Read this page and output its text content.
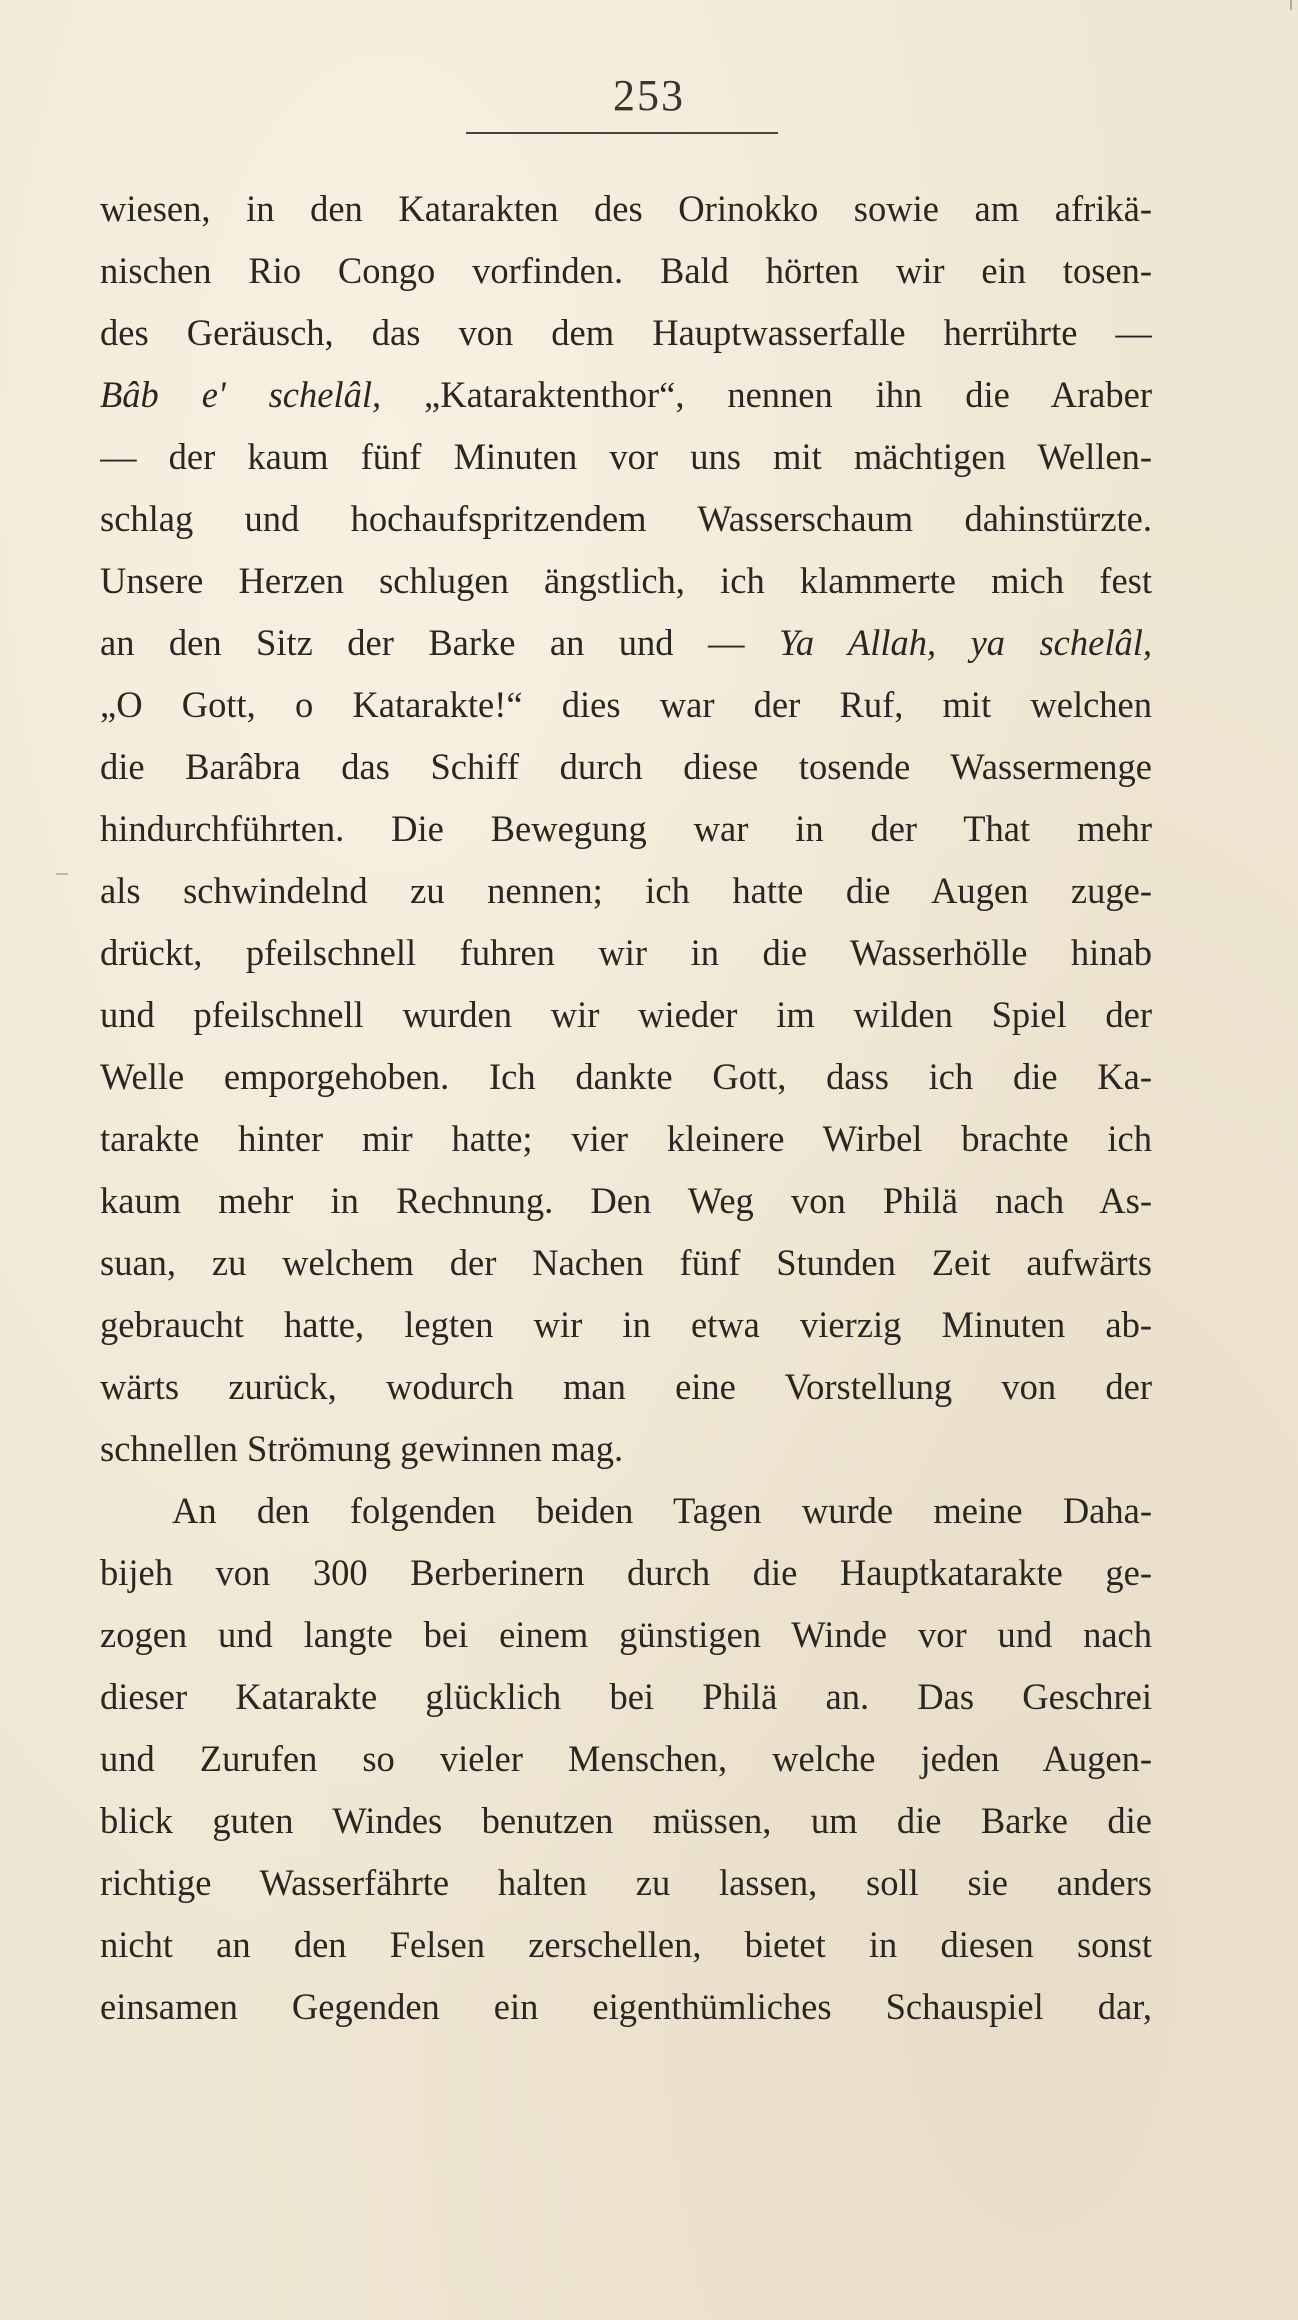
253
wiesen, in den Katarakten des Orinokko sowie am afrikä-
nischen Rio Congo vorfinden. Bald hörten wir ein tosen-
des Geräusch, das von dem Hauptwasserfalle herrührte —
Bâb e' schelâl, „Kataraktenthor“, nennen ihn die Araber
— der kaum fünf Minuten vor uns mit mächtigen Wellen-
schlag und hochaufspritzendem Wasserschaum dahinstürzte.
Unsere Herzen schlugen ängstlich, ich klammerte mich fest
an den Sitz der Barke an und — Ya Allah, ya schelâl,
„O Gott, o Katarakte!“ dies war der Ruf, mit welchen
die Barâbra das Schiff durch diese tosende Wassermenge
hindurchführten. Die Bewegung war in der That mehr
als schwindelnd zu nennen; ich hatte die Augen zuge-
drückt, pfeilschnell fuhren wir in die Wasserhölle hinab
und pfeilschnell wurden wir wieder im wilden Spiel der
Welle emporgehoben. Ich dankte Gott, dass ich die Ka-
tarakte hinter mir hatte; vier kleinere Wirbel brachte ich
kaum mehr in Rechnung. Den Weg von Philä nach As-
suan, zu welchem der Nachen fünf Stunden Zeit aufwärts
gebraucht hatte, legten wir in etwa vierzig Minuten ab-
wärts zurück, wodurch man eine Vorstellung von der
schnellen Strömung gewinnen mag.
An den folgenden beiden Tagen wurde meine Daha-
bijeh von 300 Berberinern durch die Hauptkatarakte ge-
zogen und langte bei einem günstigen Winde vor und nach
dieser Katarakte glücklich bei Philä an. Das Geschrei
und Zurufen so vieler Menschen, welche jeden Augen-
blick guten Windes benutzen müssen, um die Barke die
richtige Wasserfährte halten zu lassen, soll sie anders
nicht an den Felsen zerschellen, bietet in diesen sonst
einsamen Gegenden ein eigenthümliches Schauspiel dar,
